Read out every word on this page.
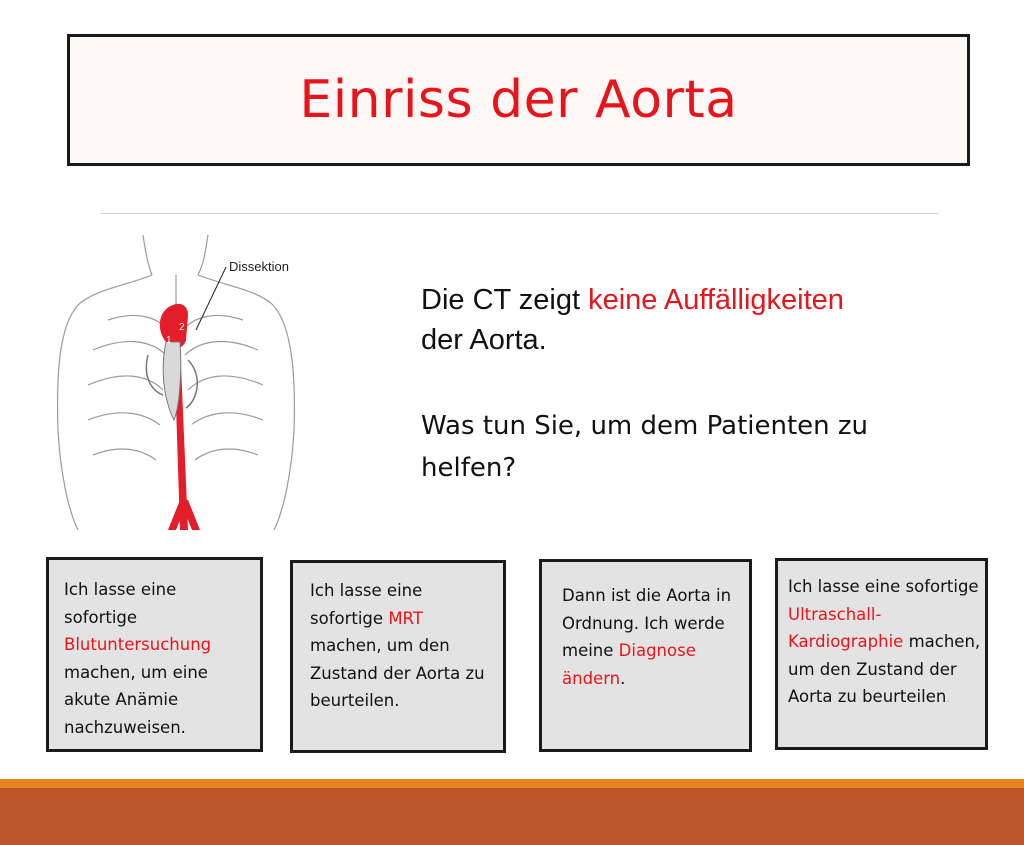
Einriss der Aorta
2
1 3
4
Dissektion
Die CT zeigt keine Auffälligkeiten
der Aorta.
Was tun Sie, um dem Patienten zu helfen?
Ich lasse eine sofortige Blutuntersuchung machen, um eine akute Anämie nachzuweisen.
Ich lasse eine sofortige MRT machen, um den Zustand der Aorta zu beurteilen.
Dann ist die Aorta in Ordnung. Ich werde meine Diagnose ändern.
Ich lasse eine sofortige Ultraschall-Kardiographie machen, um den Zustand der Aorta zu beurteilen.
